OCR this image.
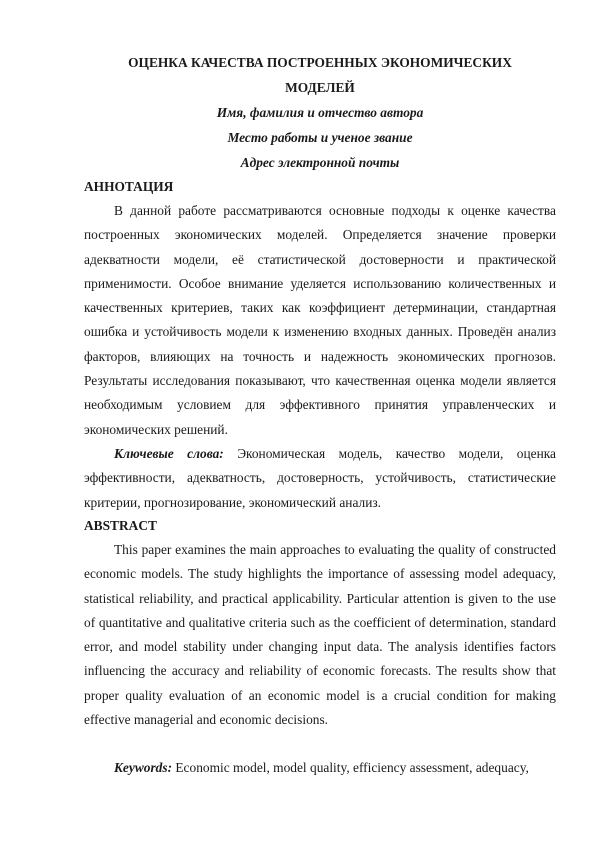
ОЦЕНКА КАЧЕСТВА ПОСТРОЕННЫХ ЭКОНОМИЧЕСКИХ
МОДЕЛЕЙ
Имя, фамилия и отчество автора
Место работы и ученое звание
Адрес электронной почты
АННОТАЦИЯ

В данной работе рассматриваются основные подходы к оценке качества построенных экономических моделей. Определяется значение проверки адекватности модели, её статистической достоверности и практической применимости. Особое внимание уделяется использованию количественных и качественных критериев, таких как коэффициент детерминации, стандартная ошибка и устойчивость модели к изменению входных данных. Проведён анализ факторов, влияющих на точность и надежность экономических прогнозов. Результаты исследования показывают, что качественная оценка модели является необходимым условием для эффективного принятия управленческих и экономических решений.

Ключевые слова: Экономическая модель, качество модели, оценка эффективности, адекватность, достоверность, устойчивость, статистические критерии, прогнозирование, экономический анализ.

ABSTRACT

This paper examines the main approaches to evaluating the quality of constructed economic models. The study highlights the importance of assessing model adequacy, statistical reliability, and practical applicability. Particular attention is given to the use of quantitative and qualitative criteria such as the coefficient of determination, standard error, and model stability under changing input data. The analysis identifies factors influencing the accuracy and reliability of economic forecasts. The results show that proper quality evaluation of an economic model is a crucial condition for making effective managerial and economic decisions.

Keywords: Economic model, model quality, efficiency assessment, adequacy,
